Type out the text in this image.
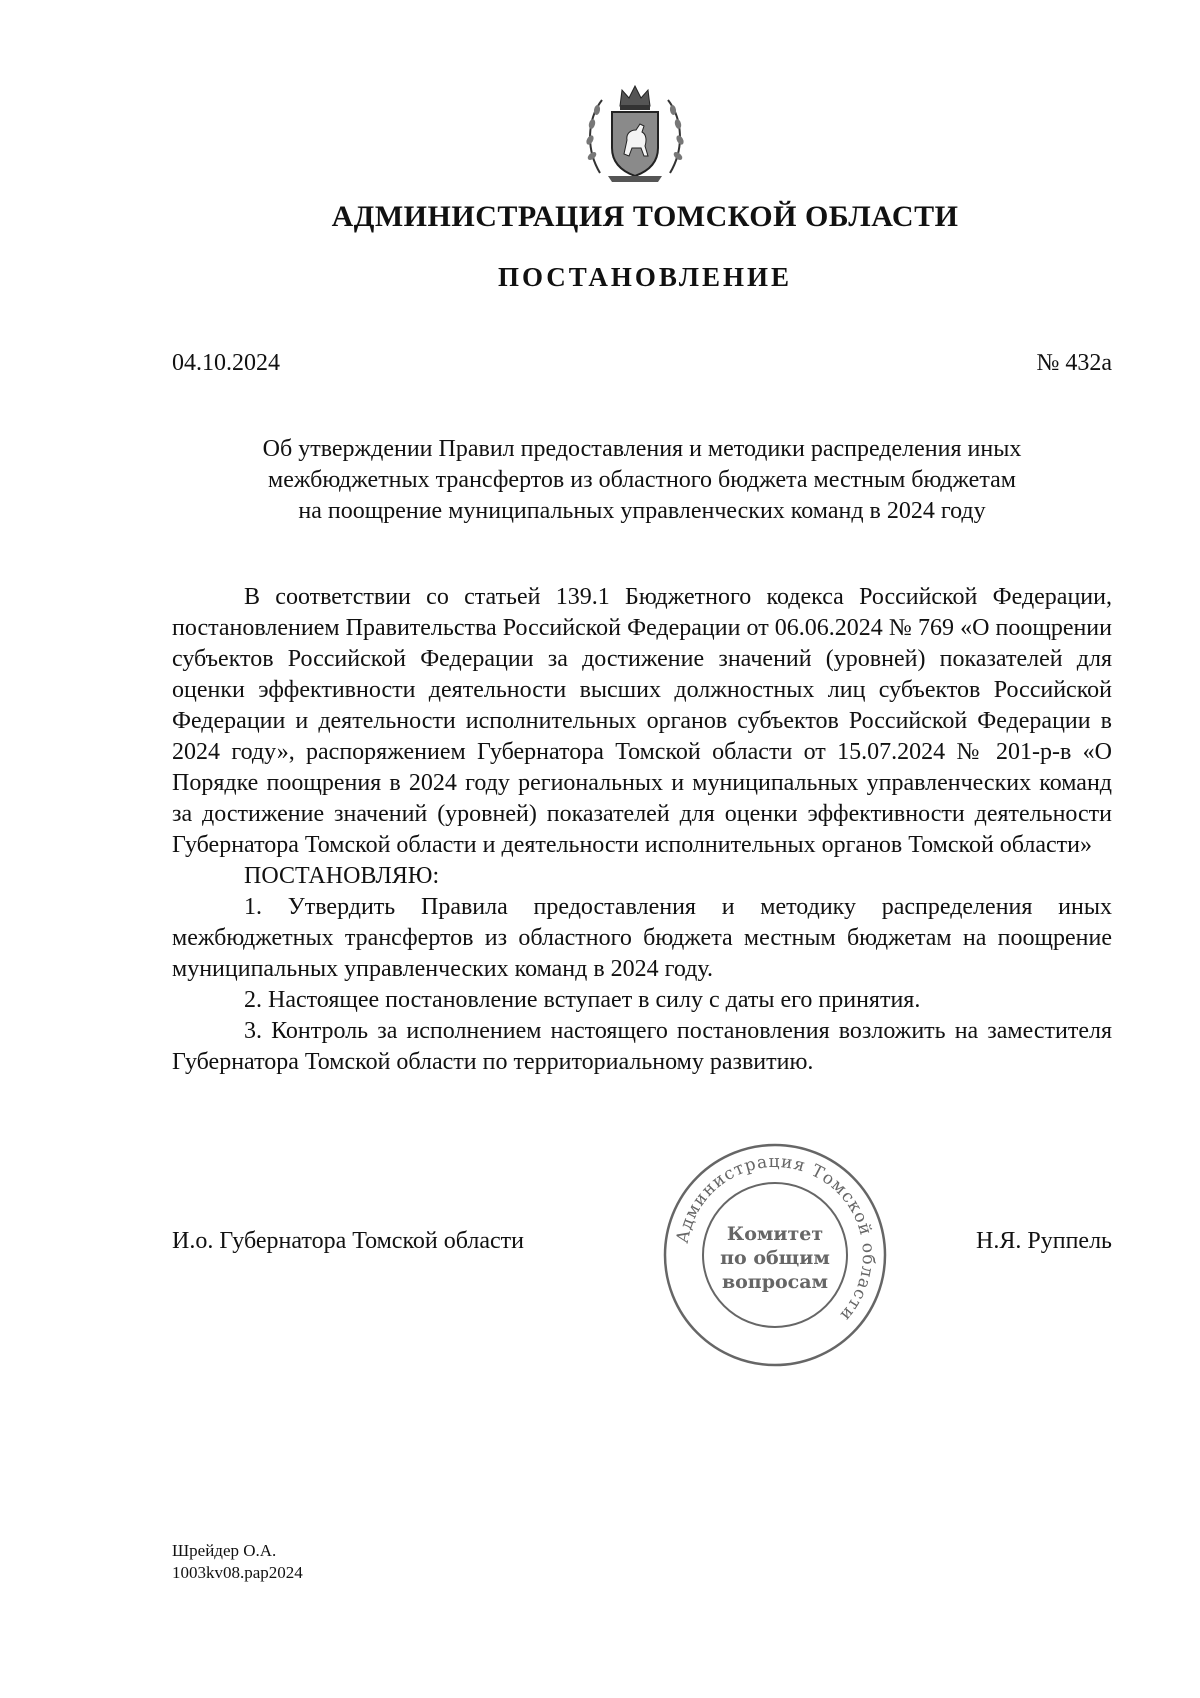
АДМИНИСТРАЦИЯ ТОМСКОЙ ОБЛАСТИ
ПОСТАНОВЛЕНИЕ
04.10.2024	№ 432а
Об утверждении Правил предоставления и методики распределения иных
межбюджетных трансфертов из областного бюджета местным бюджетам
на поощрение муниципальных управленческих команд в 2024 году

В соответствии со статьей 139.1 Бюджетного кодекса Российской Федерации, постановлением Правительства Российской Федерации от 06.06.2024 № 769 «О поощрении субъектов Российской Федерации за достижение значений (уровней) показателей для оценки эффективности деятельности высших должностных лиц субъектов Российской Федерации и деятельности исполнительных органов субъектов Российской Федерации в 2024 году», распоряжением Губернатора Томской области от 15.07.2024 № 201-р-в «О Порядке поощрения в 2024 году региональных и муниципальных управленческих команд за достижение значений (уровней) показателей для оценки эффективности деятельности Губернатора Томской области и деятельности исполнительных органов Томской области»

ПОСТАНОВЛЯЮ:

1. Утвердить Правила предоставления и методику распределения иных межбюджетных трансфертов из областного бюджета местным бюджетам на поощрение муниципальных управленческих команд в 2024 году.

2. Настоящее постановление вступает в силу с даты его принятия.

3. Контроль за исполнением настоящего постановления возложить на заместителя Губернатора Томской области по территориальному развитию.

И.о. Губернатора Томской области	Администрация Томской области
Комитет
по общим
вопросам
Н.Я. Руппель
Шрейдер О.А.
1003kv08.pap2024
